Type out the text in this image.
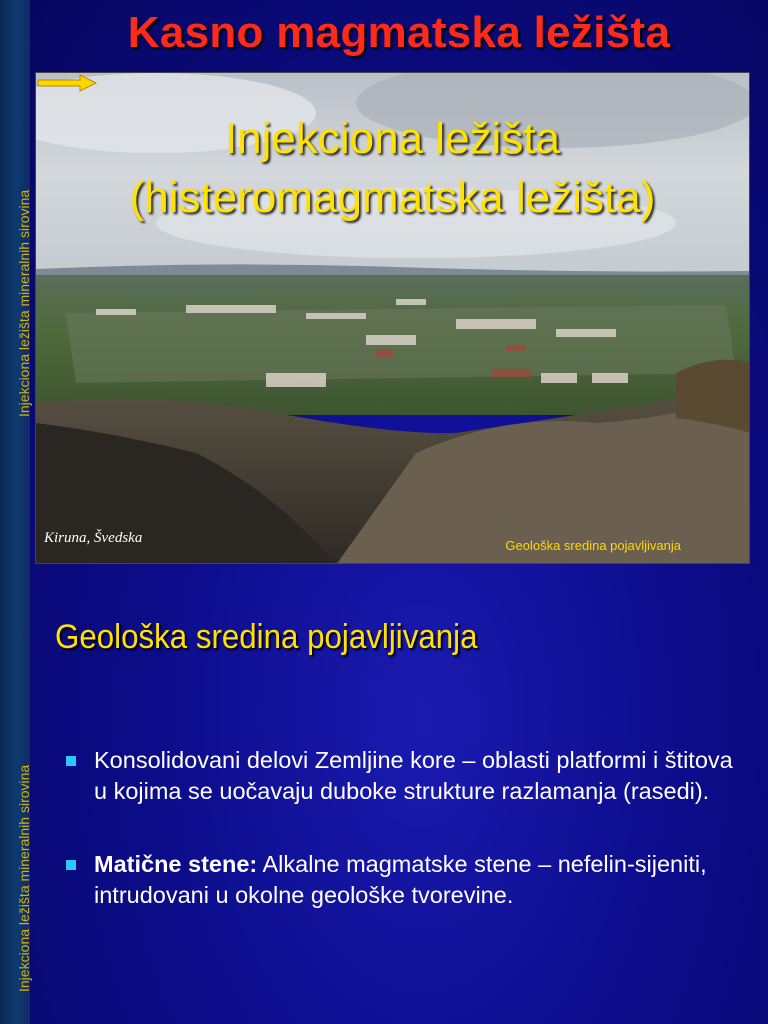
Injekciona ležišta mineralnih sirovina
Injekciona ležišta mineralnih sirovina
Kasno magmatska ležišta
Injekciona ležišta
(histeromagmatska ležišta)
Kiruna, Švedska	Geološka sredina pojavljivanja
Geološka sredina pojavljivanja
Konsolidovani delovi Zemljine kore – oblasti platformi i štitova u kojima se uočavaju duboke strukture razlamanja (rasedi).
Matične stene: Alkalne magmatske stene – nefelin-sijeniti, intrudovani u okolne geološke tvorevine.
